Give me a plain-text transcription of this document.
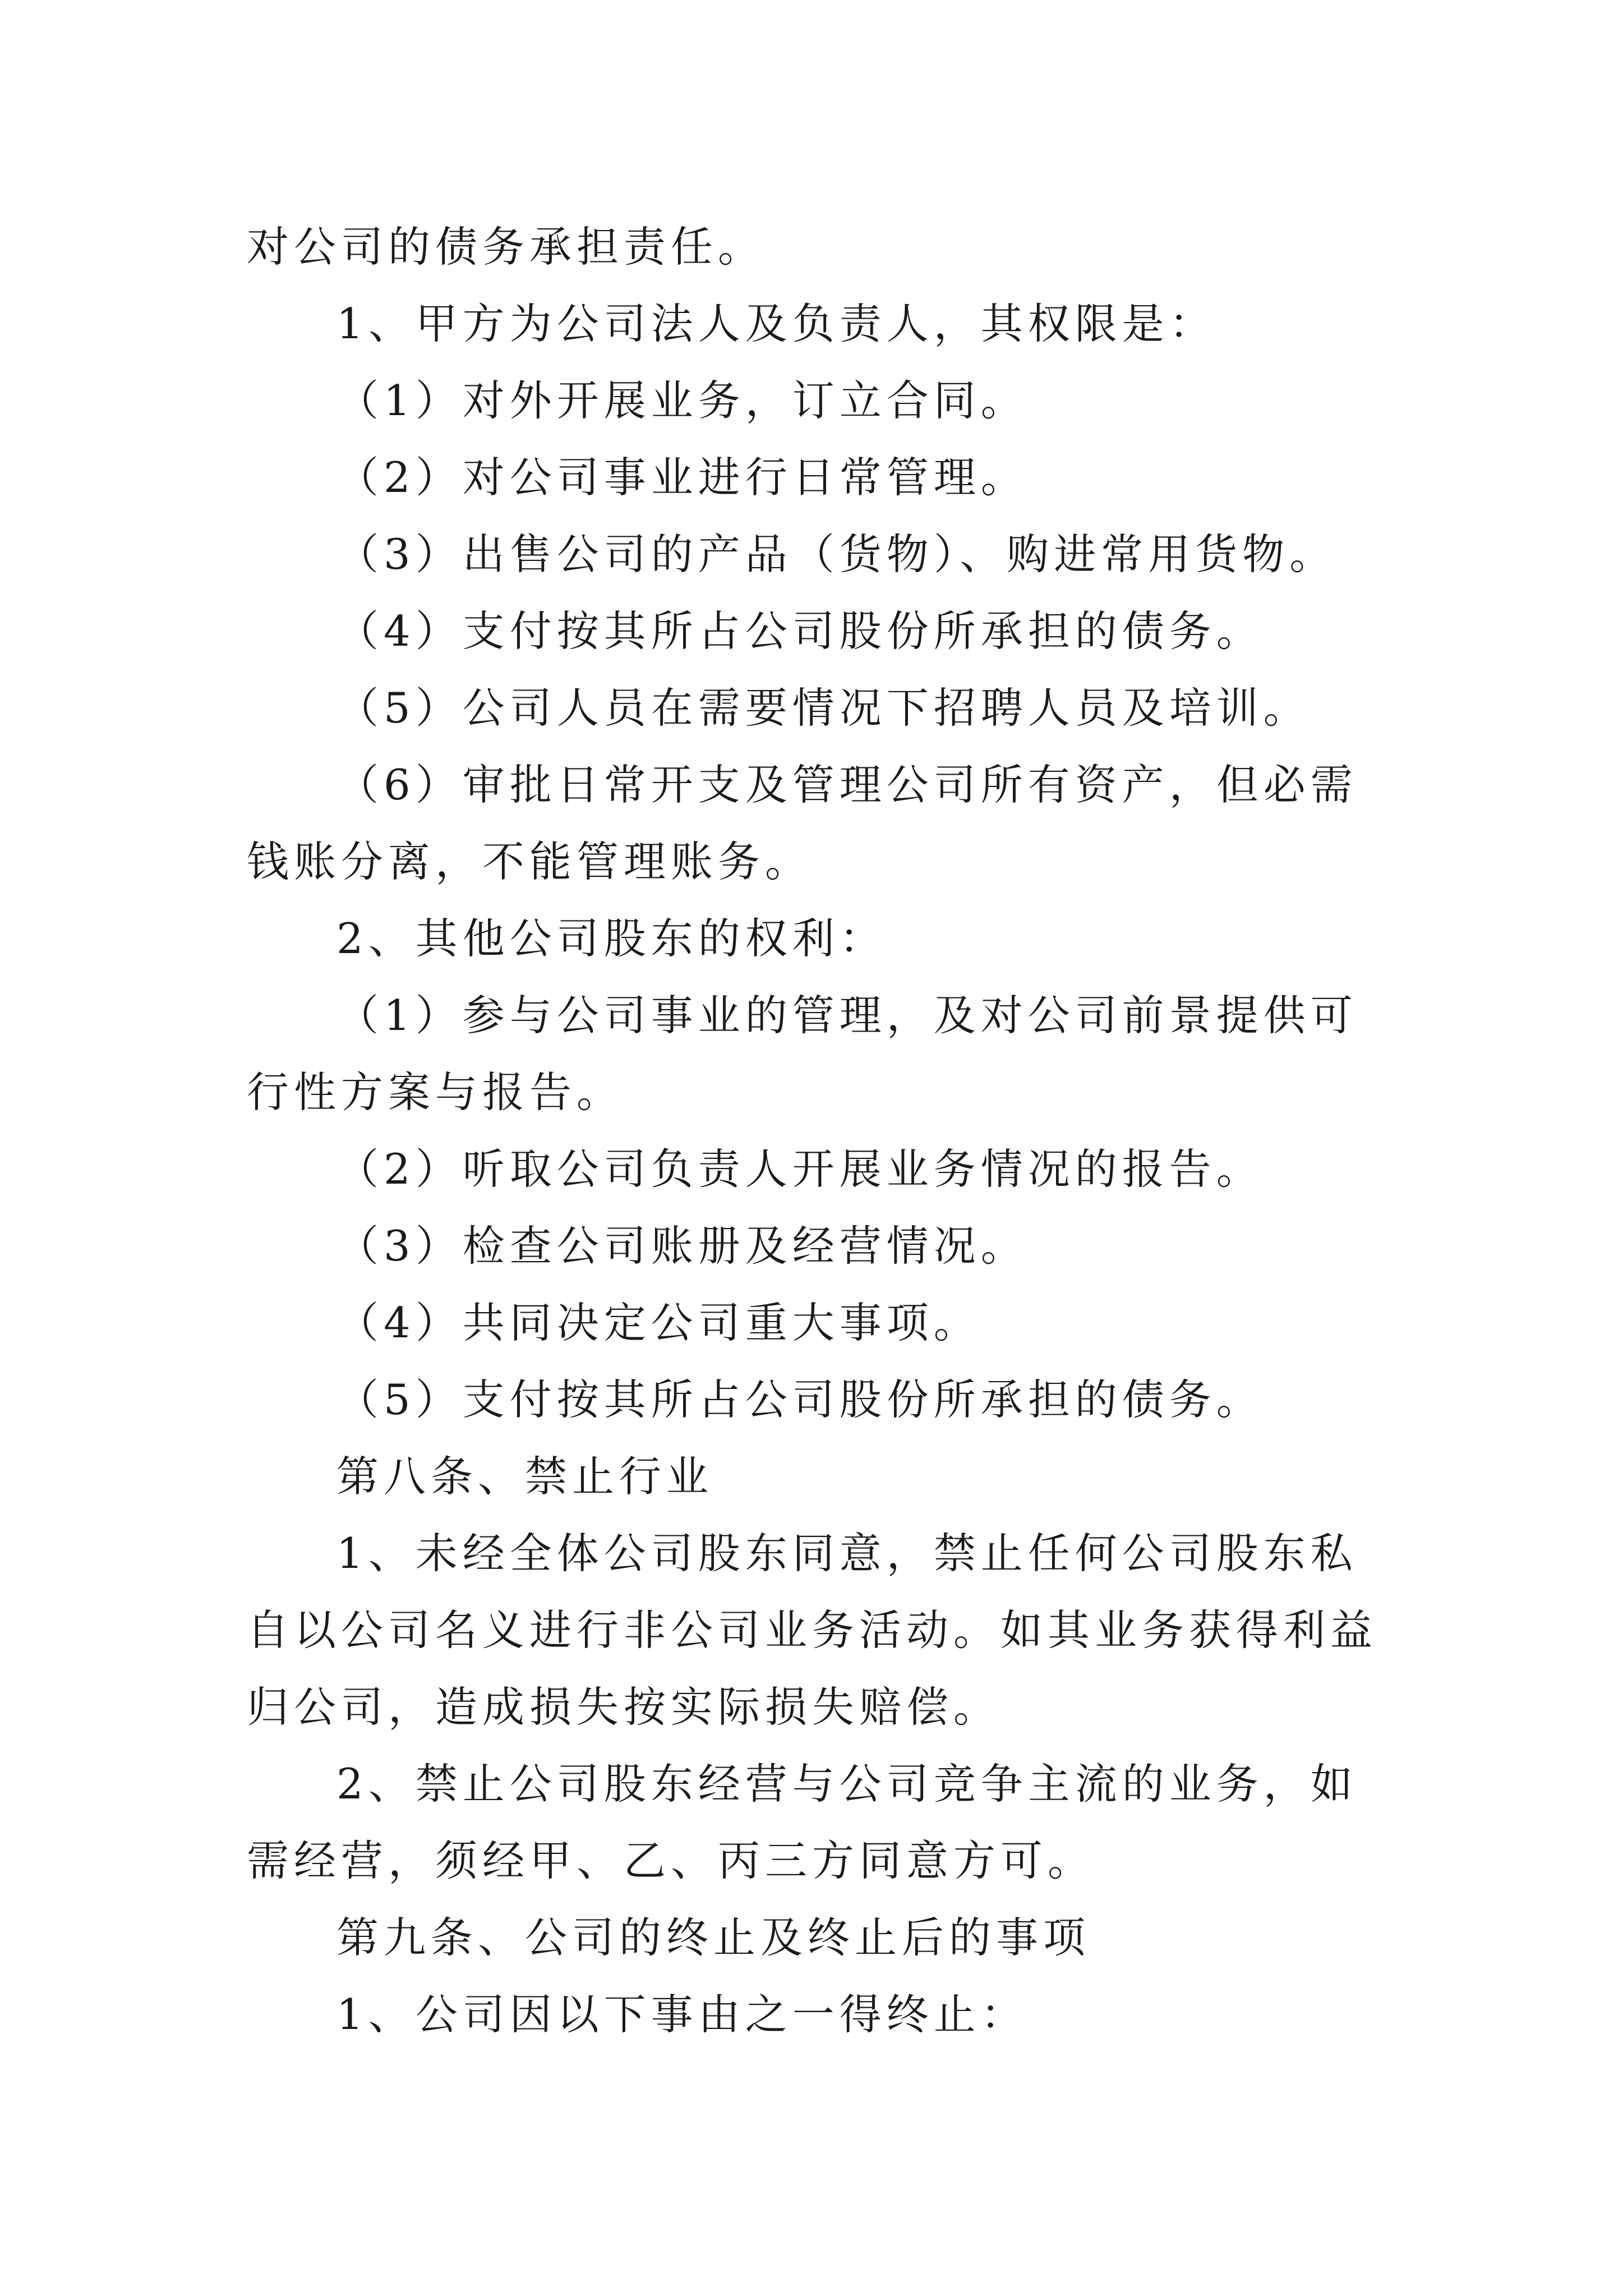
对公司的债务承担责任。

1、甲方为公司法人及负责人，其权限是：

（1）对外开展业务，订立合同。

（2）对公司事业进行日常管理。

（3）出售公司的产品（货物）、购进常用货物。

（4）支付按其所占公司股份所承担的债务。

（5）公司人员在需要情况下招聘人员及培训。

（6）审批日常开支及管理公司所有资产，但必需钱账分离，不能管理账务。

2、其他公司股东的权利：

（1）参与公司事业的管理，及对公司前景提供可行性方案与报告。

（2）听取公司负责人开展业务情况的报告。

（3）检查公司账册及经营情况。

（4）共同决定公司重大事项。

（5）支付按其所占公司股份所承担的债务。

第八条、禁止行业

1、未经全体公司股东同意，禁止任何公司股东私自以公司名义进行非公司业务活动。如其业务获得利益归公司，造成损失按实际损失赔偿。

2、禁止公司股东经营与公司竞争主流的业务，如需经营，须经甲、乙、丙三方同意方可。

第九条、公司的终止及终止后的事项

1、公司因以下事由之一得终止：
